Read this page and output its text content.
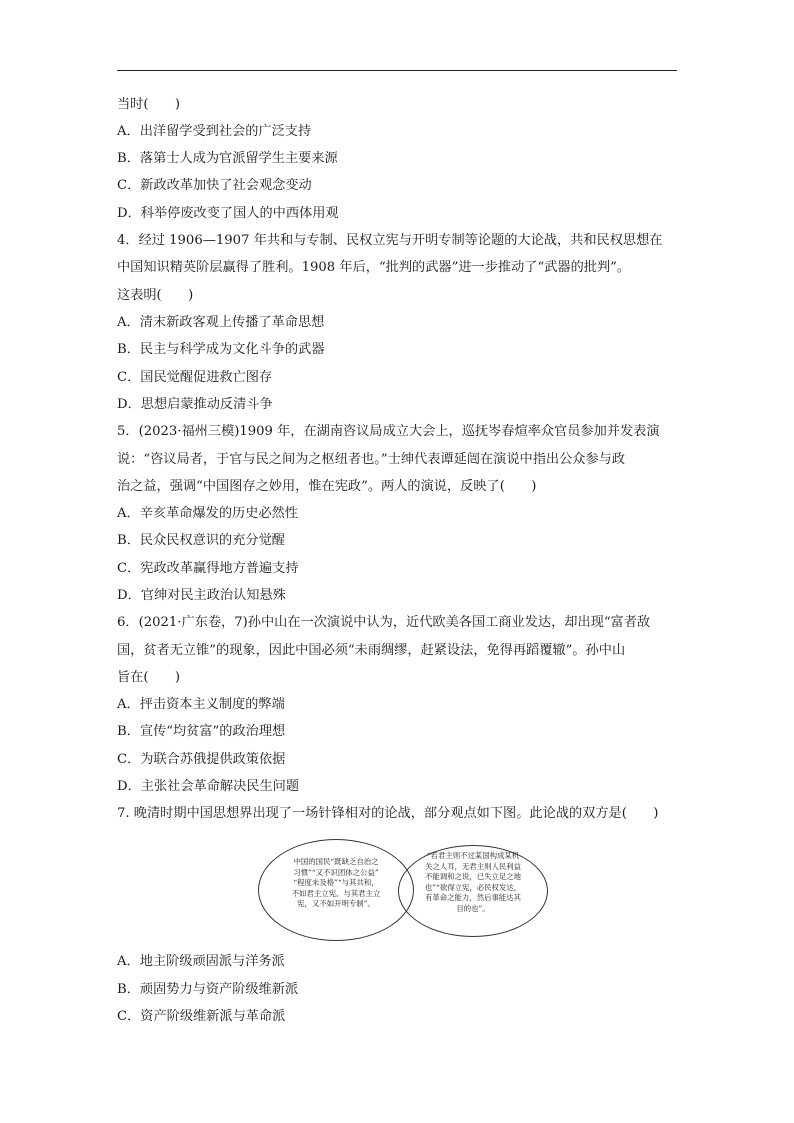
当时(　　)
A．出洋留学受到社会的广泛支持
B．落第士人成为官派留学生主要来源
C．新政改革加快了社会观念变动
D．科举停废改变了国人的中西体用观
4．经过 1906—1907 年共和与专制、民权立宪与开明专制等论题的大论战，共和民权思想在
中国知识精英阶层赢得了胜利。1908 年后，“批判的武器”进一步推动了“武器的批判”。
这表明(　　)
A．清末新政客观上传播了革命思想
B．民主与科学成为文化斗争的武器
C．国民觉醒促进救亡图存
D．思想启蒙推动反清斗争
5．(2023·福州三模)1909 年，在湖南咨议局成立大会上，巡抚岑春煊率众官员参加并发表演
说：“咨议局者，于官与民之间为之枢纽者也。”士绅代表谭延闿在演说中指出公众参与政
治之益，强调“中国图存之妙用，惟在宪政”。两人的演说，反映了(　　)
A．辛亥革命爆发的历史必然性
B．民众民权意识的充分觉醒
C．宪政改革赢得地方普遍支持
D．官绅对民主政治认知悬殊
6．(2021·广东卷，7)孙中山在一次演说中认为，近代欧美各国工商业发达，却出现“富者敌
国，贫者无立锥”的现象，因此中国必须“未雨绸缪，赶紧设法，免得再蹈覆辙”。孙中山
旨在(　　)
A．抨击资本主义制度的弊端
B．宣传“均贫富”的政治理想
C．为联合苏俄提供政策依据
D．主张社会革命解决民生问题
7. 晚清时期中国思想界出现了一场针锋相对的论战，部分观点如下图。此论战的双方是(　　)
中国的国民“既缺乏自治之
习惯”“又不识团体之公益”
“程度未及格”“与其共和，
不如君主立宪。与其君主立
宪，又不如开明专制”。
“若君主则不过某国构成某机
关之人耳，无君主则人民利益
不能调和之说，已失立足之地
也”“欲得立宪，必民权发达，
有革命之能力，然后事能达其
目的也”。
A．地主阶级顽固派与洋务派
B．顽固势力与资产阶级维新派
C．资产阶级维新派与革命派
